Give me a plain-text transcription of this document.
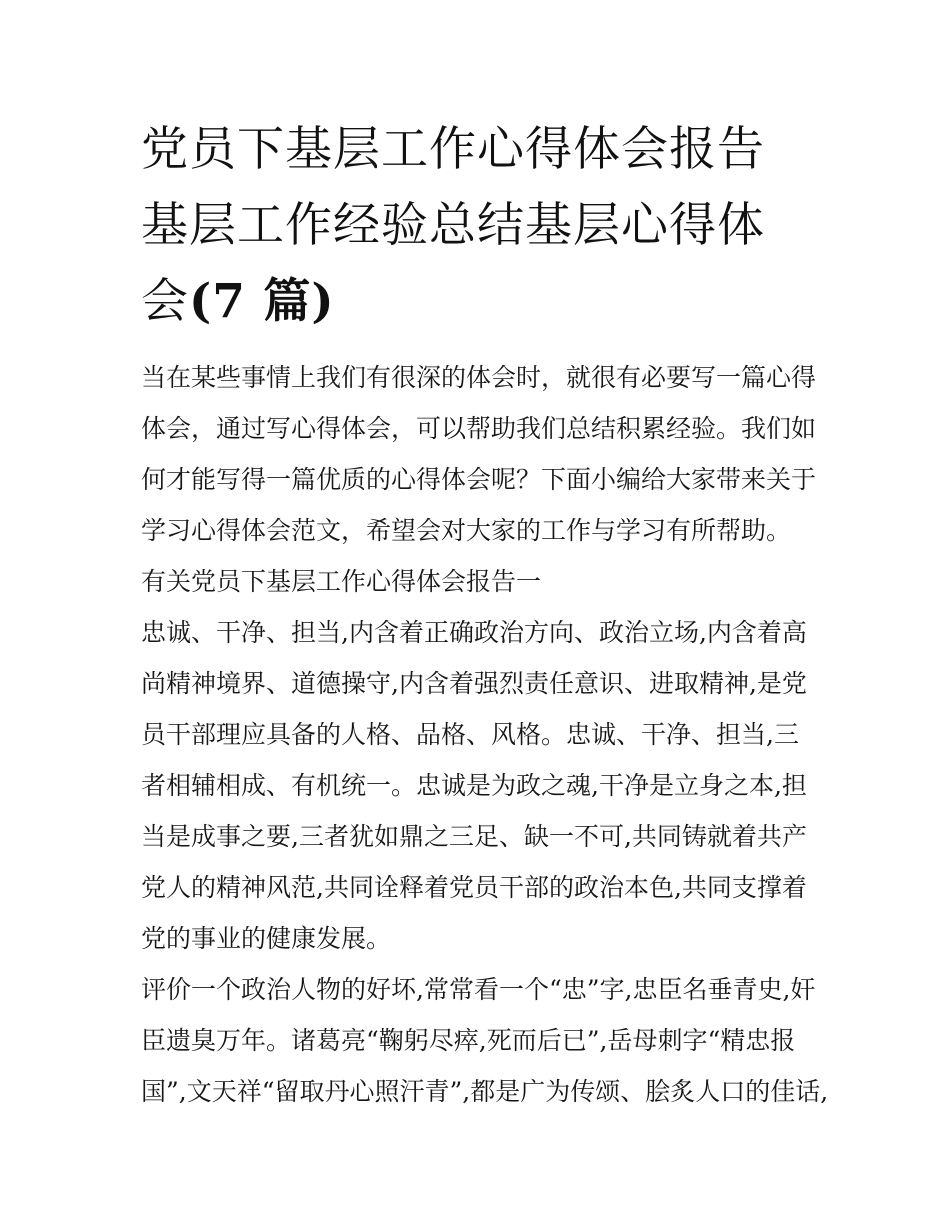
党员下基层工作心得体会报告
基层工作经验总结基层心得体
会(7 篇)

当在某些事情上我们有很深的体会时，就很有必要写一篇心得
体会，通过写心得体会，可以帮助我们总结积累经验。我们如
何才能写得一篇优质的心得体会呢？下面小编给大家带来关于
学习心得体会范文，希望会对大家的工作与学习有所帮助。

有关党员下基层工作心得体会报告一

忠诚、干净、担当,内含着正确政治方向、政治立场,内含着高
尚精神境界、道德操守,内含着强烈责任意识、进取精神,是党
员干部理应具备的人格、品格、风格。忠诚、干净、担当,三
者相辅相成、有机统一。忠诚是为政之魂,干净是立身之本,担
当是成事之要,三者犹如鼎之三足、缺一不可,共同铸就着共产
党人的精神风范,共同诠释着党员干部的政治本色,共同支撑着
党的事业的健康发展。

评价一个政治人物的好坏,常常看一个“忠”字,忠臣名垂青史,奸
臣遗臭万年。诸葛亮“鞠躬尽瘁,死而后已”,岳母刺字“精忠报
国”,文天祥“留取丹心照汗青”,都是广为传颂、脍炙人口的佳话,
